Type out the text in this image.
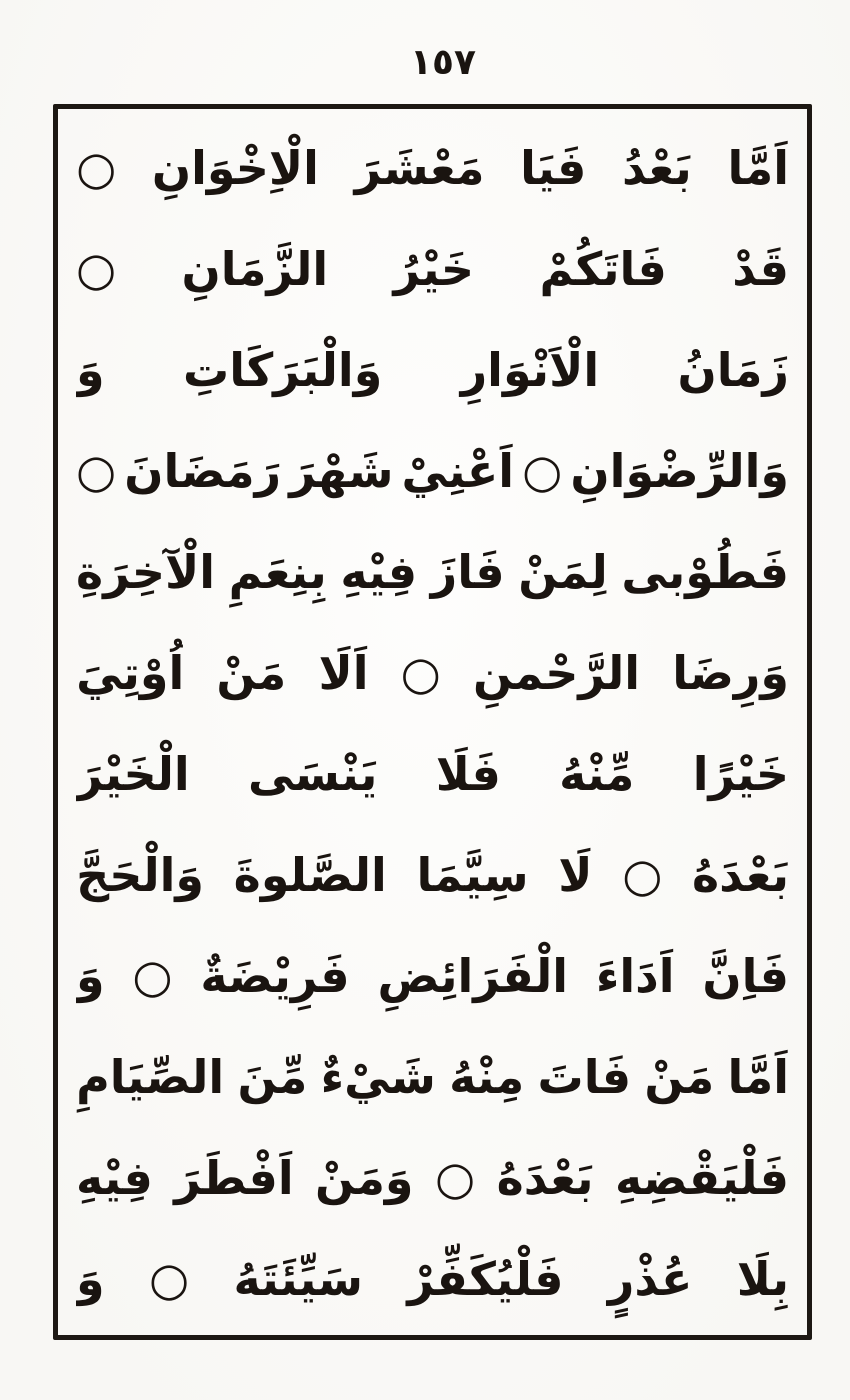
١٥٧
اَمَّا
بَعْدُ
فَيَا
مَعْشَرَ
الْاِخْوَانِ
○
قَدْ
فَاتَكُمْ
خَيْرُ
الزَّمَانِ
○
زَمَانُ
الْاَنْوَارِ
وَالْبَرَكَاتِ
وَ
وَالرِّضْوَانِ
○
اَعْنِيْ
شَهْرَ
رَمَضَانَ
○
فَطُوْبى
لِمَنْ
فَازَ
فِيْهِ
بِنِعَمِ
الْآخِرَةِ
وَرِضَا
الرَّحْمنِ
○
اَلَا
مَنْ
اُوْتِيَ
خَيْرًا
مِّنْهُ
فَلَا
يَنْسَى
الْخَيْرَ
بَعْدَهُ
○
لَا
سِيَّمَا
الصَّلوةَ
وَالْحَجَّ
فَاِنَّ
اَدَاءَ
الْفَرَائِضِ
فَرِيْضَةٌ
○
وَ
اَمَّا
مَنْ
فَاتَ
مِنْهُ
شَيْءٌ
مِّنَ
الصِّيَامِ
فَلْيَقْضِهِ
بَعْدَهُ
○
وَمَنْ
اَفْطَرَ
فِيْهِ
بِلَا
عُذْرٍ
فَلْيُكَفِّرْ
سَيِّئَتَهُ
○
وَ
